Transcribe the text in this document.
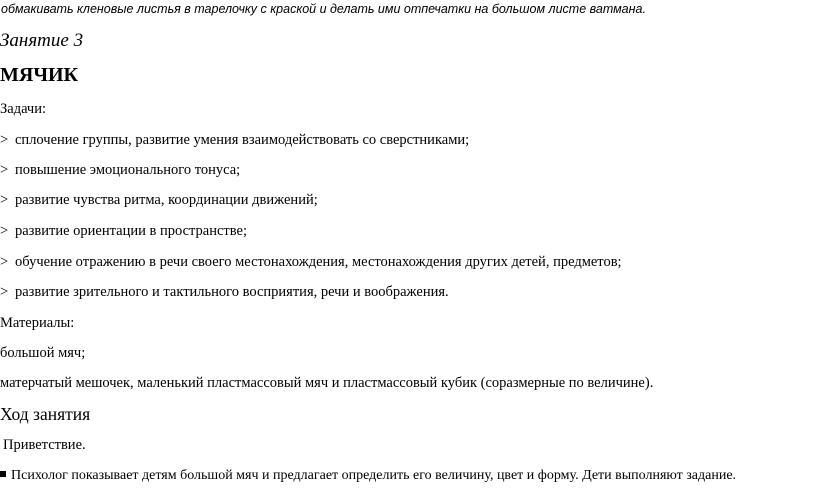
обмакивать кленовые листья в тарелочку с краской и делать ими отпечатки на большом листе ватмана.
Занятие 3
МЯЧИК
Задачи:
> сплочение группы, развитие умения взаимодействовать со сверстниками;
> повышение эмоционального тонуса;
> развитие чувства ритма, координации движений;
> развитие ориентации в пространстве;
> обучение отражению в речи своего местонахождения, местонахождения других детей, предметов;
> развитие зрительного и тактильного восприятия, речи и воображения.
Материалы:
большой мяч;
матерчатый мешочек, маленький пластмассовый мяч и пластмассовый кубик (соразмерные по величине).
Ход занятия
Приветствие.
Психолог показывает детям большой мяч и предлагает определить его величину, цвет и форму. Дети выполняют задание.
